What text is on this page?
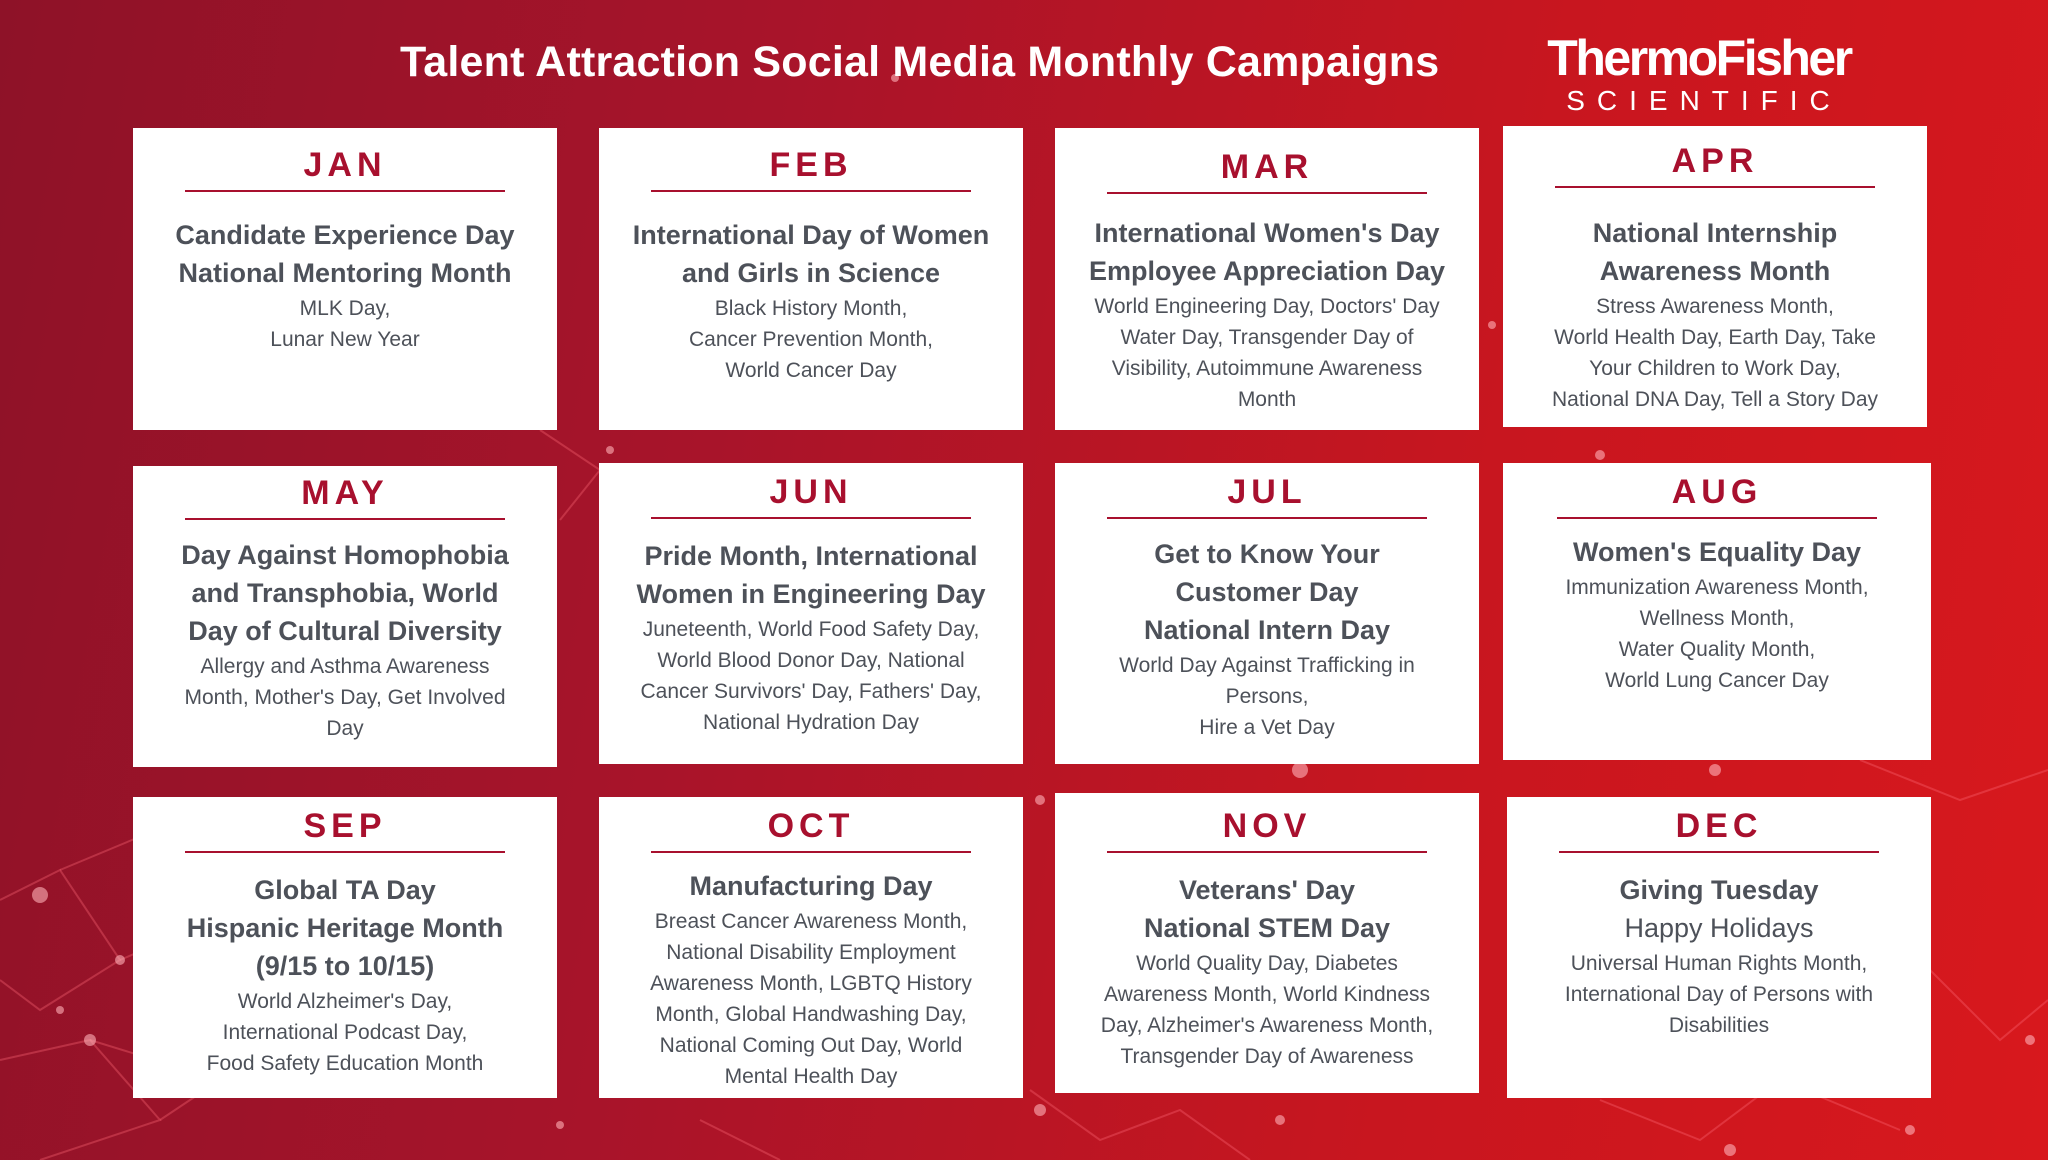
Talent Attraction Social Media Monthly Campaigns ThermoFisher
SCIENTIFIC
JAN
Candidate Experience Day
National Mentoring Month
MLK Day,
Lunar New Year
FEB
International Day of Women
and Girls in Science
Black History Month,
Cancer Prevention Month,
World Cancer Day
MAR
International Women's Day
Employee Appreciation Day
World Engineering Day, Doctors' Day
Water Day, Transgender Day of
Visibility, Autoimmune Awareness
Month
APR
National Internship
Awareness Month
Stress Awareness Month,
World Health Day, Earth Day, Take
Your Children to Work Day,
National DNA Day, Tell a Story Day
MAY
Day Against Homophobia
and Transphobia, World
Day of Cultural Diversity
Allergy and Asthma Awareness
Month, Mother's Day, Get Involved
Day
JUN
Pride Month, International
Women in Engineering Day
Juneteenth, World Food Safety Day,
World Blood Donor Day, National
Cancer Survivors' Day, Fathers' Day,
National Hydration Day
JUL
Get to Know Your
Customer Day
National Intern Day
World Day Against Trafficking in
Persons,
Hire a Vet Day
AUG
Women's Equality Day
Immunization Awareness Month,
Wellness Month,
Water Quality Month,
World Lung Cancer Day
SEP
Global TA Day
Hispanic Heritage Month
(9/15 to 10/15)
World Alzheimer's Day,
International Podcast Day,
Food Safety Education Month
OCT
Manufacturing Day
Breast Cancer Awareness Month,
National Disability Employment
Awareness Month, LGBTQ History
Month, Global Handwashing Day,
National Coming Out Day, World
Mental Health Day
NOV
Veterans' Day
National STEM Day
World Quality Day, Diabetes
Awareness Month, World Kindness
Day, Alzheimer's Awareness Month,
Transgender Day of Awareness
DEC
Giving Tuesday
Happy Holidays
Universal Human Rights Month,
International Day of Persons with
Disabilities
